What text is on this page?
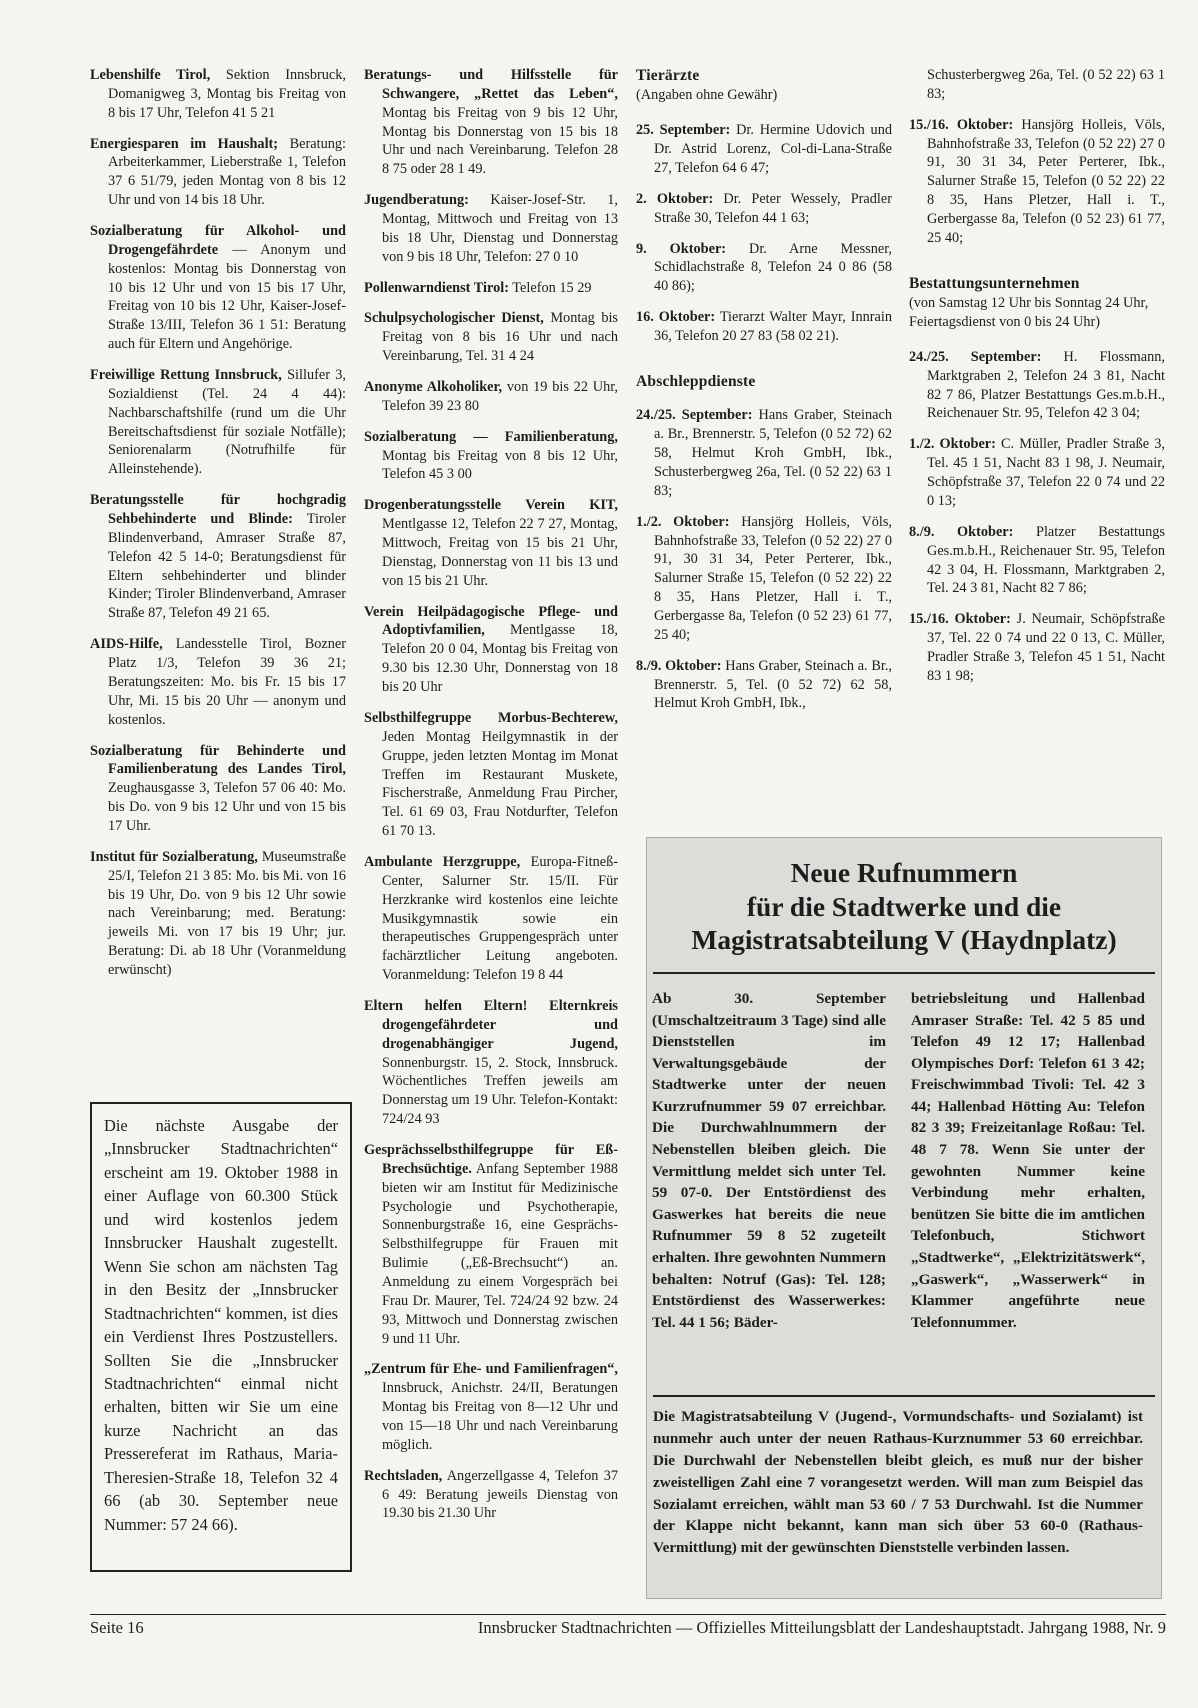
Lebenshilfe Tirol, Sektion Innsbruck, Domanigweg 3, Montag bis Freitag von 8 bis 17 Uhr, Telefon 41 5 21
Energiesparen im Haushalt; Beratung: Arbeiterkammer, Lieberstraße 1, Telefon 37 6 51/79, jeden Montag von 8 bis 12 Uhr und von 14 bis 18 Uhr.
Sozialberatung für Alkohol- und Drogengefährdete — Anonym und kostenlos: Montag bis Donnerstag von 10 bis 12 Uhr und von 15 bis 17 Uhr, Freitag von 10 bis 12 Uhr, Kaiser-Josef-Straße 13/III, Telefon 36 1 51: Beratung auch für Eltern und Angehörige.
Freiwillige Rettung Innsbruck, Sillufer 3, Sozialdienst (Tel. 24 4 44): Nachbarschaftshilfe (rund um die Uhr Bereitschaftsdienst für soziale Notfälle); Seniorenalarm (Notrufhilfe für Alleinstehende).
Beratungsstelle für hochgradig Sehbehinderte und Blinde: Tiroler Blindenverband, Amraser Straße 87, Telefon 42 5 14-0; Beratungsdienst für Eltern sehbehinderter und blinder Kinder; Tiroler Blindenverband, Amraser Straße 87, Telefon 49 21 65.
AIDS-Hilfe, Landesstelle Tirol, Bozner Platz 1/3, Telefon 39 36 21; Beratungszeiten: Mo. bis Fr. 15 bis 17 Uhr, Mi. 15 bis 20 Uhr — anonym und kostenlos.
Sozialberatung für Behinderte und Familienberatung des Landes Tirol, Zeughausgasse 3, Telefon 57 06 40: Mo. bis Do. von 9 bis 12 Uhr und von 15 bis 17 Uhr.
Institut für Sozialberatung, Museumstraße 25/I, Telefon 21 3 85: Mo. bis Mi. von 16 bis 19 Uhr, Do. von 9 bis 12 Uhr sowie nach Vereinbarung; med. Beratung: jeweils Mi. von 17 bis 19 Uhr; jur. Beratung: Di. ab 18 Uhr (Voranmeldung erwünscht)
Die nächste Ausgabe der „Innsbrucker Stadtnachrichten“ erscheint am 19. Oktober 1988 in einer Auflage von 60.300 Stück und wird kostenlos jedem Innsbrucker Haushalt zugestellt. Wenn Sie schon am nächsten Tag in den Besitz der „Innsbrucker Stadtnachrichten“ kommen, ist dies ein Verdienst Ihres Postzustellers. Sollten Sie die „Innsbrucker Stadtnachrichten“ einmal nicht erhalten, bitten wir Sie um eine kurze Nachricht an das Pressereferat im Rathaus, Maria-Theresien-Straße 18, Telefon 32 4 66 (ab 30. September neue Nummer: 57 24 66).
Beratungs- und Hilfsstelle für Schwangere, „Rettet das Leben“, Montag bis Freitag von 9 bis 12 Uhr, Montag bis Donnerstag von 15 bis 18 Uhr und nach Vereinbarung. Telefon 28 8 75 oder 28 1 49.
Jugendberatung: Kaiser-Josef-Str. 1, Montag, Mittwoch und Freitag von 13 bis 18 Uhr, Dienstag und Donnerstag von 9 bis 18 Uhr, Telefon: 27 0 10
Pollenwarndienst Tirol: Telefon 15 29
Schulpsychologischer Dienst, Montag bis Freitag von 8 bis 16 Uhr und nach Vereinbarung, Tel. 31 4 24
Anonyme Alkoholiker, von 19 bis 22 Uhr, Telefon 39 23 80
Sozialberatung — Familienberatung, Montag bis Freitag von 8 bis 12 Uhr, Telefon 45 3 00
Drogenberatungsstelle Verein KIT, Mentlgasse 12, Telefon 22 7 27, Montag, Mittwoch, Freitag von 15 bis 21 Uhr, Dienstag, Donnerstag von 11 bis 13 und von 15 bis 21 Uhr.
Verein Heilpädagogische Pflege- und Adoptivfamilien, Mentlgasse 18, Telefon 20 0 04, Montag bis Freitag von 9.30 bis 12.30 Uhr, Donnerstag von 18 bis 20 Uhr
Selbsthilfegruppe Morbus-Bechterew, Jeden Montag Heilgymnastik in der Gruppe, jeden letzten Montag im Monat Treffen im Restaurant Muskete, Fischerstraße, Anmeldung Frau Pircher, Tel. 61 69 03, Frau Notdurfter, Telefon 61 70 13.
Ambulante Herzgruppe, Europa-Fitneß-Center, Salurner Str. 15/II. Für Herzkranke wird kostenlos eine leichte Musikgymnastik sowie ein therapeutisches Gruppengespräch unter fachärztlicher Leitung angeboten. Voranmeldung: Telefon 19 8 44
Eltern helfen Eltern! Elternkreis drogengefährdeter und drogenabhängiger Jugend, Sonnenburgstr. 15, 2. Stock, Innsbruck. Wöchentliches Treffen jeweils am Donnerstag um 19 Uhr. Telefon-Kontakt: 724/24 93
Gesprächsselbsthilfegruppe für Eß-Brechsüchtige. Anfang September 1988 bieten wir am Institut für Medizinische Psychologie und Psychotherapie, Sonnenburgstraße 16, eine Gesprächs-Selbsthilfegruppe für Frauen mit Bulimie („Eß-Brechsucht“) an. Anmeldung zu einem Vorgespräch bei Frau Dr. Maurer, Tel. 724/24 92 bzw. 24 93, Mittwoch und Donnerstag zwischen 9 und 11 Uhr.
„Zentrum für Ehe- und Familienfragen“, Innsbruck, Anichstr. 24/II, Beratungen Montag bis Freitag von 8—12 Uhr und von 15—18 Uhr und nach Vereinbarung möglich.
Rechtsladen, Angerzellgasse 4, Telefon 37 6 49: Beratung jeweils Dienstag von 19.30 bis 21.30 Uhr
Tierärzte
(Angaben ohne Gewähr)
25. September: Dr. Hermine Udovich und Dr. Astrid Lorenz, Col-di-Lana-Straße 27, Telefon 64 6 47;
2. Oktober: Dr. Peter Wessely, Pradler Straße 30, Telefon 44 1 63;
9. Oktober: Dr. Arne Messner, Schidlachstraße 8, Telefon 24 0 86 (58 40 86);
16. Oktober: Tierarzt Walter Mayr, Innrain 36, Telefon 20 27 83 (58 02 21).
Abschleppdienste
24./25. September: Hans Graber, Steinach a. Br., Brennerstr. 5, Telefon (0 52 72) 62 58, Helmut Kroh GmbH, Ibk., Schusterbergweg 26a, Tel. (0 52 22) 63 1 83;
1./2. Oktober: Hansjörg Holleis, Völs, Bahnhofstraße 33, Telefon (0 52 22) 27 0 91, 30 31 34, Peter Perterer, Ibk., Salurner Straße 15, Telefon (0 52 22) 22 8 35, Hans Pletzer, Hall i. T., Gerbergasse 8a, Telefon (0 52 23) 61 77, 25 40;
8./9. Oktober: Hans Graber, Steinach a. Br., Brennerstr. 5, Tel. (0 52 72) 62 58, Helmut Kroh GmbH, Ibk.,
Schusterbergweg 26a, Tel. (0 52 22) 63 1 83;
15./16. Oktober: Hansjörg Holleis, Völs, Bahnhofstraße 33, Telefon (0 52 22) 27 0 91, 30 31 34, Peter Perterer, Ibk., Salurner Straße 15, Telefon (0 52 22) 22 8 35, Hans Pletzer, Hall i. T., Gerbergasse 8a, Telefon (0 52 23) 61 77, 25 40;
Bestattungsunternehmen
(von Samstag 12 Uhr bis Sonntag 24 Uhr, Feiertagsdienst von 0 bis 24 Uhr)
24./25. September: H. Flossmann, Marktgraben 2, Telefon 24 3 81, Nacht 82 7 86, Platzer Bestattungs Ges.m.b.H., Reichenauer Str. 95, Telefon 42 3 04;
1./2. Oktober: C. Müller, Pradler Straße 3, Tel. 45 1 51, Nacht 83 1 98, J. Neumair, Schöpfstraße 37, Telefon 22 0 74 und 22 0 13;
8./9. Oktober: Platzer Bestattungs Ges.m.b.H., Reichenauer Str. 95, Telefon 42 3 04, H. Flossmann, Marktgraben 2, Tel. 24 3 81, Nacht 82 7 86;
15./16. Oktober: J. Neumair, Schöpfstraße 37, Tel. 22 0 74 und 22 0 13, C. Müller, Pradler Straße 3, Telefon 45 1 51, Nacht 83 1 98;
Neue Rufnummern
für die Stadtwerke und die
Magistratsabteilung V (Haydnplatz)
Ab 30. September (Umschaltzeitraum 3 Tage) sind alle Dienststellen im Verwaltungsgebäude der Stadtwerke unter der neuen Kurzrufnummer 59 07 erreichbar. Die Durchwahlnummern der Nebenstellen bleiben gleich. Die Vermittlung meldet sich unter Tel. 59 07-0. Der Entstördienst des Gaswerkes hat bereits die neue Rufnummer 59 8 52 zugeteilt erhalten. Ihre gewohnten Nummern behalten: Notruf (Gas): Tel. 128; Entstördienst des Wasserwerkes: Tel. 44 1 56; Bäder-
betriebsleitung und Hallenbad Amraser Straße: Tel. 42 5 85 und Telefon 49 12 17; Hallenbad Olympisches Dorf: Telefon 61 3 42; Freischwimmbad Tivoli: Tel. 42 3 44; Hallenbad Hötting Au: Telefon 82 3 39; Freizeitanlage Roßau: Tel. 48 7 78. Wenn Sie unter der gewohnten Nummer keine Verbindung mehr erhalten, benützen Sie bitte die im amtlichen Telefonbuch, Stichwort „Stadtwerke“, „Elektrizitätswerk“, „Gaswerk“, „Wasserwerk“ in Klammer angeführte neue Telefonnummer.
Die Magistratsabteilung V (Jugend-, Vormundschafts- und Sozialamt) ist nunmehr auch unter der neuen Rathaus-Kurznummer 53 60 erreichbar. Die Durchwahl der Nebenstellen bleibt gleich, es muß nur der bisher zweistelligen Zahl eine 7 vorangesetzt werden. Will man zum Beispiel das Sozialamt erreichen, wählt man 53 60 / 7 53 Durchwahl. Ist die Nummer der Klappe nicht bekannt, kann man sich über 53 60-0 (Rathaus-Vermittlung) mit der gewünschten Dienststelle verbinden lassen.
Seite 16	Innsbrucker Stadtnachrichten — Offizielles Mitteilungsblatt der Landeshauptstadt. Jahrgang 1988, Nr. 9
